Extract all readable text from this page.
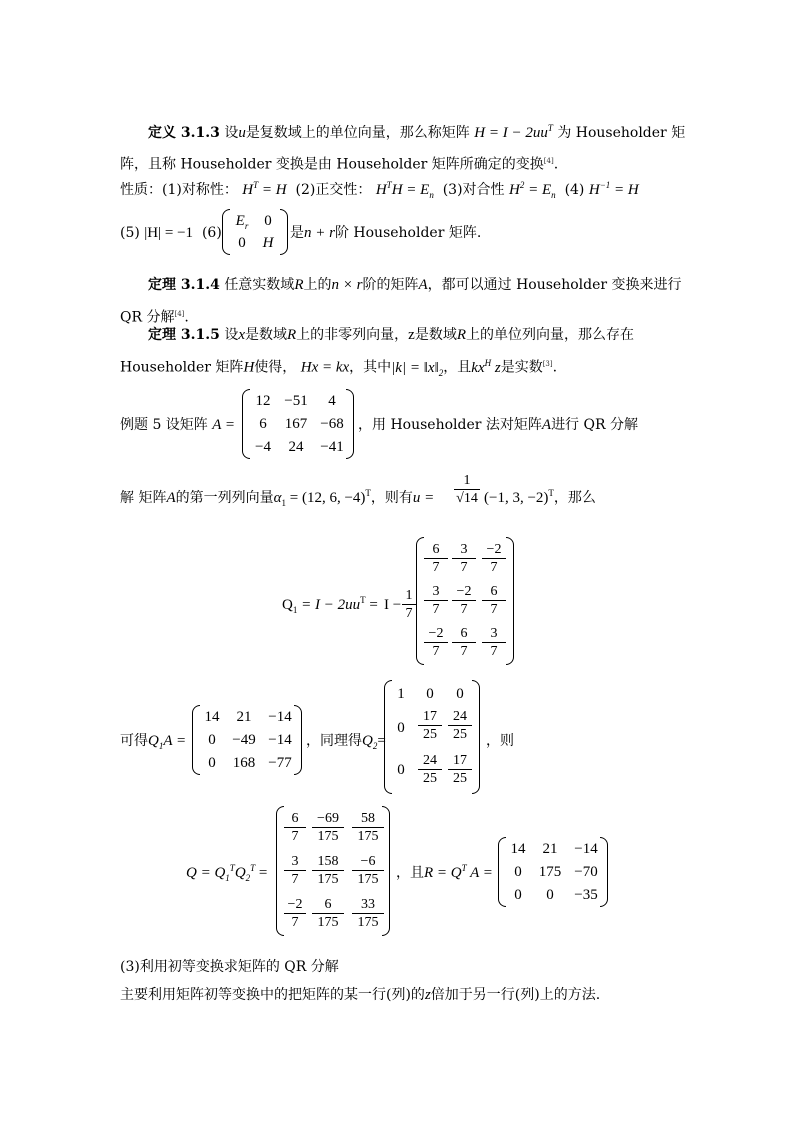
定义 3.1.3 设u是复数域上的单位向量，那么称矩阵 $H = I - 2uu^T$ 为 Householder 矩
阵，且称 Householder 变换是由 Householder 矩阵所确定的变换[4].
性质：(1)对称性： $H^T = H$ (2)正交性： $H^TH = E_n$ (3)对合性 $H^2 = E_n$ (4) $H^{-1} = H$
(5) |H| = −1 (6)
$E_r$	0
0	H
是n + r阶 Householder 矩阵.
定理 3.1.4 任意实数域R上的n × r阶的矩阵A，都可以通过 Householder 变换来进行
QR 分解[4].
定理 3.1.5 设x是数域R上的非零列向量，z是数域R上的单位列向量，那么存在
Householder 矩阵H使得， Hx = kx，其中$|k| = ‖x‖_2$，且$kx^H$ z是实数[3].
例题 5 设矩阵 A =
12 −51	4
6	167 −68
−4	24	−41
，用 Householder 法对矩阵A进行 QR 分解
解 矩阵A的第一列列向量$\alpha_1 = (12$, 6, −4)$^T$，则有$u = \frac{1}{√14} (-1$, 3, −2)$^T$，那么
$Q_1 = I - 2uu^T = I - \frac{1}{7}$
$\frac{6}{7} \frac{3}{7} \frac{-2}{7}$
$\frac{3}{7} \frac{-2}{7} \frac{6}{7}$
$\frac{-2}{7} \frac{6}{7} \frac{3}{7}$
可得$Q_1A$ =
14	21	−14
0	−49 −14
0	168 −77
，同理得$Q_2=$
1	0	0
$0 \frac{17}{25} \frac{24}{25}$
$0 \frac{24}{25} \frac{17}{25}$
，则
$Q = Q_1^TQ_2^T$ =
$\frac{6}{7} \frac{-69}{175} \frac{58}{175}$
$\frac{3}{7} \frac{158}{175} \frac{-6}{175}$
$\frac{-2}{7} \frac{6}{175} \frac{33}{175}$
，且$R = Q^T$ A =
14	21	−14
0	175 −70
0	0	−35
(3)利用初等变换求矩阵的 QR 分解
主要利用矩阵初等变换中的把矩阵的某一行(列)的z倍加于另一行(列)上的方法.
